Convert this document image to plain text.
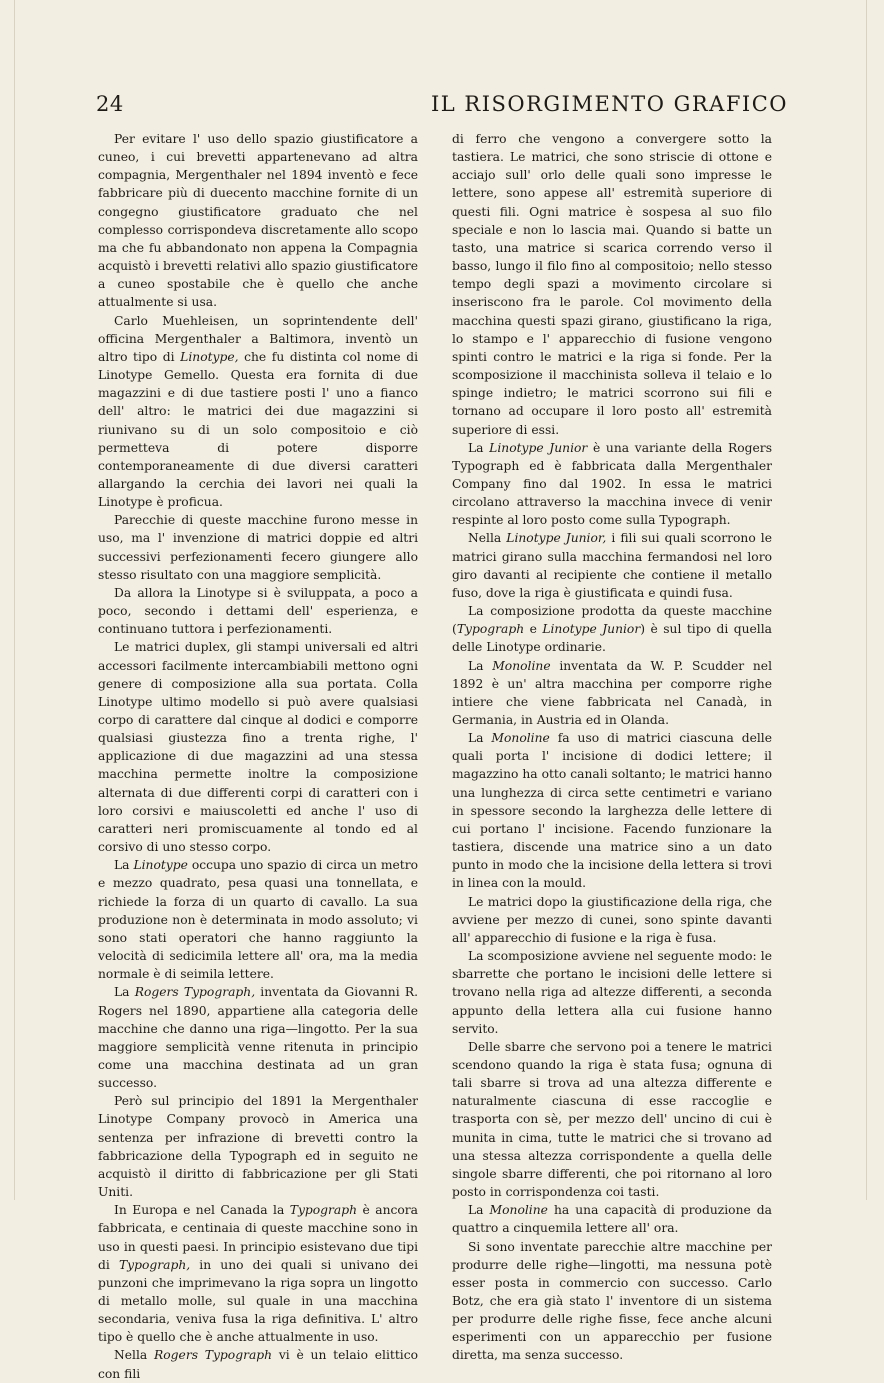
24	IL RISORGIMENTO GRAFICO

Per evitare l' uso dello spazio giustificatore a cuneo, i cui brevetti appartenevano ad altra compagnia, Mergenthaler nel 1894 inventò e fece fabbricare più di duecento macchine fornite di un congegno giustificatore graduato che nel complesso corrispondeva discretamente allo scopo ma che fu abbandonato non appena la Compagnia acquistò i brevetti relativi allo spazio giustificatore a cuneo spostabile che è quello che anche attualmente si usa.

Carlo Muehleisen, un soprintendente dell' officina Mergenthaler a Baltimora, inventò un altro tipo di Linotype, che fu distinta col nome di Linotype Gemello. Questa era fornita di due magazzini e di due tastiere posti l' uno a fianco dell' altro: le matrici dei due magazzini si riunivano su di un solo compositoio e ciò permetteva di potere disporre contemporaneamente di due diversi caratteri allargando la cerchia dei lavori nei quali la Linotype è proficua.

Parecchie di queste macchine furono messe in uso, ma l' invenzione di matrici doppie ed altri successivi perfezionamenti fecero giungere allo stesso risultato con una maggiore semplicità.

Da allora la Linotype si è sviluppata, a poco a poco, secondo i dettami dell' esperienza, e continuano tuttora i perfezionamenti.

Le matrici duplex, gli stampi universali ed altri accessori facilmente intercambiabili mettono ogni genere di composizione alla sua portata. Colla Linotype ultimo modello si può avere qualsiasi corpo di carattere dal cinque al dodici e comporre qualsiasi giustezza fino a trenta righe, l' applicazione di due magazzini ad una stessa macchina permette inoltre la composizione alternata di due differenti corpi di caratteri con i loro corsivi e maiuscoletti ed anche l' uso di caratteri neri promiscuamente al tondo ed al corsivo di uno stesso corpo.

La Linotype occupa uno spazio di circa un metro e mezzo quadrato, pesa quasi una tonnellata, e richiede la forza di un quarto di cavallo. La sua produzione non è determinata in modo assoluto; vi sono stati operatori che hanno raggiunto la velocità di sedicimila lettere all' ora, ma la media normale è di seimila lettere.

La Rogers Typograph, inventata da Giovanni R. Rogers nel 1890, appartiene alla categoria delle macchine che danno una riga—lingotto. Per la sua maggiore semplicità venne ritenuta in principio come una macchina destinata ad un gran successo.

Però sul principio del 1891 la Mergenthaler Linotype Company provocò in America una sentenza per infrazione di brevetti contro la fabbricazione della Typograph ed in seguito ne acquistò il diritto di fabbricazione per gli Stati Uniti.

In Europa e nel Canada la Typograph è ancora fabbricata, e centinaia di queste macchine sono in uso in questi paesi. In principio esistevano due tipi di Typograph, in uno dei quali si univano dei punzoni che imprimevano la riga sopra un lingotto di metallo molle, sul quale in una macchina secondaria, veniva fusa la riga definitiva. L' altro tipo è quello che è anche attualmente in uso.

Nella Rogers Typograph vi è un telaio elittico con fili

di ferro che vengono a convergere sotto la tastiera. Le matrici, che sono striscie di ottone e acciajo sull' orlo delle quali sono impresse le lettere, sono appese all' estremità superiore di questi fili. Ogni matrice è sospesa al suo filo speciale e non lo lascia mai. Quando si batte un tasto, una matrice si scarica correndo verso il basso, lungo il filo fino al compositoio; nello stesso tempo degli spazi a movimento circolare si inseriscono fra le parole. Col movimento della macchina questi spazi girano, giustificano la riga, lo stampo e l' apparecchio di fusione vengono spinti contro le matrici e la riga si fonde. Per la scomposizione il macchinista solleva il telaio e lo spinge indietro; le matrici scorrono sui fili e tornano ad occupare il loro posto all' estremità superiore di essi.

La Linotype Junior è una variante della Rogers Typograph ed è fabbricata dalla Mergenthaler Company fino dal 1902. In essa le matrici circolano attraverso la macchina invece di venir respinte al loro posto come sulla Typograph.

Nella Linotype Junior, i fili sui quali scorrono le matrici girano sulla macchina fermandosi nel loro giro davanti al recipiente che contiene il metallo fuso, dove la riga è giustificata e quindi fusa.

La composizione prodotta da queste macchine (Typograph e Linotype Junior) è sul tipo di quella delle Linotype ordinarie.

La Monoline inventata da W. P. Scudder nel 1892 è un' altra macchina per comporre righe intiere che viene fabbricata nel Canadà, in Germania, in Austria ed in Olanda.

La Monoline fa uso di matrici ciascuna delle quali porta l' incisione di dodici lettere; il magazzino ha otto canali soltanto; le matrici hanno una lunghezza di circa sette centimetri e variano in spessore secondo la larghezza delle lettere di cui portano l' incisione. Facendo funzionare la tastiera, discende una matrice sino a un dato punto in modo che la incisione della lettera si trovi in linea con la mould.

Le matrici dopo la giustificazione della riga, che avviene per mezzo di cunei, sono spinte davanti all' apparecchio di fusione e la riga è fusa.

La scomposizione avviene nel seguente modo: le sbarrette che portano le incisioni delle lettere si trovano nella riga ad altezze differenti, a seconda appunto della lettera alla cui fusione hanno servito.

Delle sbarre che servono poi a tenere le matrici scendono quando la riga è stata fusa; ognuna di tali sbarre si trova ad una altezza differente e naturalmente ciascuna di esse raccoglie e trasporta con sè, per mezzo dell' uncino di cui è munita in cima, tutte le matrici che si trovano ad una stessa altezza corrispondente a quella delle singole sbarre differenti, che poi ritornano al loro posto in corrispondenza coi tasti.

La Monoline ha una capacità di produzione da quattro a cinquemila lettere all' ora.

Si sono inventate parecchie altre macchine per produrre delle righe—lingotti, ma nessuna potè esser posta in commercio con successo. Carlo Botz, che era già stato l' inventore di un sistema per produrre delle righe fisse, fece anche alcuni esperimenti con un apparecchio per fusione diretta, ma senza successo.
